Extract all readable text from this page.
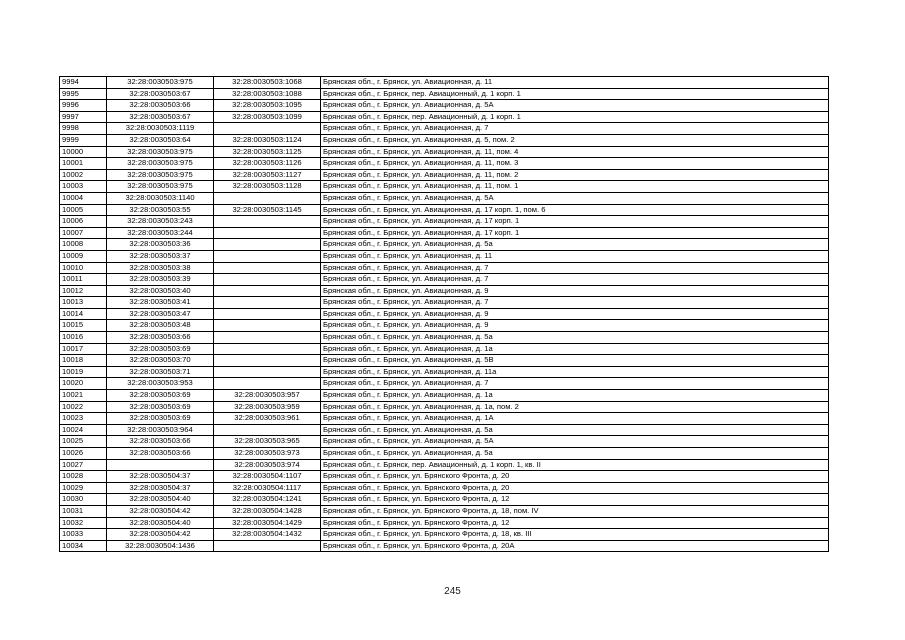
9994	32:28:0030503:975	32:28:0030503:1068	Брянская обл., г. Брянск, ул. Авиационная, д. 11
9995	32:28:0030503:67	32:28:0030503:1088	Брянская обл., г. Брянск, пер. Авиационный, д. 1 корп. 1
9996	32:28:0030503:66	32:28:0030503:1095	Брянская обл., г. Брянск, ул. Авиационная, д. 5А
9997	32:28:0030503:67	32:28:0030503:1099	Брянская обл., г. Брянск, пер. Авиационный, д. 1 корп. 1
9998	32:28:0030503:1119		Брянская обл., г. Брянск, ул. Авиационная, д. 7
9999	32:28:0030503:64	32:28:0030503:1124	Брянская обл., г. Брянск, ул. Авиационная, д. 5, пом. 2
10000	32:28:0030503:975	32:28:0030503:1125	Брянская обл., г. Брянск, ул. Авиационная, д. 11, пом. 4
10001	32:28:0030503:975	32:28:0030503:1126	Брянская обл., г. Брянск, ул. Авиационная, д. 11, пом. 3
10002	32:28:0030503:975	32:28:0030503:1127	Брянская обл., г. Брянск, ул. Авиационная, д. 11, пом. 2
10003	32:28:0030503:975	32:28:0030503:1128	Брянская обл., г. Брянск, ул. Авиационная, д. 11, пом. 1
10004	32:28:0030503:1140		Брянская обл., г. Брянск, ул. Авиационная, д. 5А
10005	32:28:0030503:55	32:28:0030503:1145	Брянская обл., г. Брянск, ул. Авиационная, д. 17 корп. 1, пом. 6
10006	32:28:0030503:243		Брянская обл., г. Брянск, ул. Авиационная, д. 17 корп. 1
10007	32:28:0030503:244		Брянская обл., г. Брянск, ул. Авиационная, д. 17 корп. 1
10008	32:28:0030503:36		Брянская обл., г. Брянск, ул. Авиационная, д. 5а
10009	32:28:0030503:37		Брянская обл., г. Брянск, ул. Авиационная, д. 11
10010	32:28:0030503:38		Брянская обл., г. Брянск, ул. Авиационная, д. 7
10011	32:28:0030503:39		Брянская обл., г. Брянск, ул. Авиационная, д. 7
10012	32:28:0030503:40		Брянская обл., г. Брянск, ул. Авиационная, д. 9
10013	32:28:0030503:41		Брянская обл., г. Брянск, ул. Авиационная, д. 7
10014	32:28:0030503:47		Брянская обл., г. Брянск, ул. Авиационная, д. 9
10015	32:28:0030503:48		Брянская обл., г. Брянск, ул. Авиационная, д. 9
10016	32:28:0030503:66		Брянская обл., г. Брянск, ул. Авиационная, д. 5а
10017	32:28:0030503:69		Брянская обл., г. Брянск, ул. Авиационная, д. 1а
10018	32:28:0030503:70		Брянская обл., г. Брянск, ул. Авиационная, д. 5В
10019	32:28:0030503:71		Брянская обл., г. Брянск, ул. Авиационная, д. 11а
10020	32:28:0030503:953		Брянская обл., г. Брянск, ул. Авиационная, д. 7
10021	32:28:0030503:69	32:28:0030503:957	Брянская обл., г. Брянск, ул. Авиационная, д. 1а
10022	32:28:0030503:69	32:28:0030503:959	Брянская обл., г. Брянск, ул. Авиационная, д. 1а, пом. 2
10023	32:28:0030503:69	32:28:0030503:961	Брянская обл., г. Брянск, ул. Авиационная, д. 1А
10024	32:28:0030503:964		Брянская обл., г. Брянск, ул. Авиационная, д. 5а
10025	32:28:0030503:66	32:28:0030503:965	Брянская обл., г. Брянск, ул. Авиационная, д. 5А
10026	32:28:0030503:66	32:28:0030503:973	Брянская обл., г. Брянск, ул. Авиационная, д. 5а
10027		32:28:0030503:974	Брянская обл., г. Брянск, пер. Авиационный, д. 1 корп. 1, кв. II
10028	32:28:0030504:37	32:28:0030504:1107	Брянская обл., г. Брянск, ул. Брянского Фронта, д. 20
10029	32:28:0030504:37	32:28:0030504:1117	Брянская обл., г. Брянск, ул. Брянского Фронта, д. 20
10030	32:28:0030504:40	32:28:0030504:1241	Брянская обл., г. Брянск, ул. Брянского Фронта, д. 12
10031	32:28:0030504:42	32:28:0030504:1428	Брянская обл., г. Брянск, ул. Брянского Фронта, д. 18, пом. IV
10032	32:28:0030504:40	32:28:0030504:1429	Брянская обл., г. Брянск, ул. Брянского Фронта, д. 12
10033	32:28:0030504:42	32:28:0030504:1432	Брянская обл., г. Брянск, ул. Брянского Фронта, д. 18, кв. III
10034	32:28:0030504:1436		Брянская обл., г. Брянск, ул. Брянского Фронта, д. 20А
245
